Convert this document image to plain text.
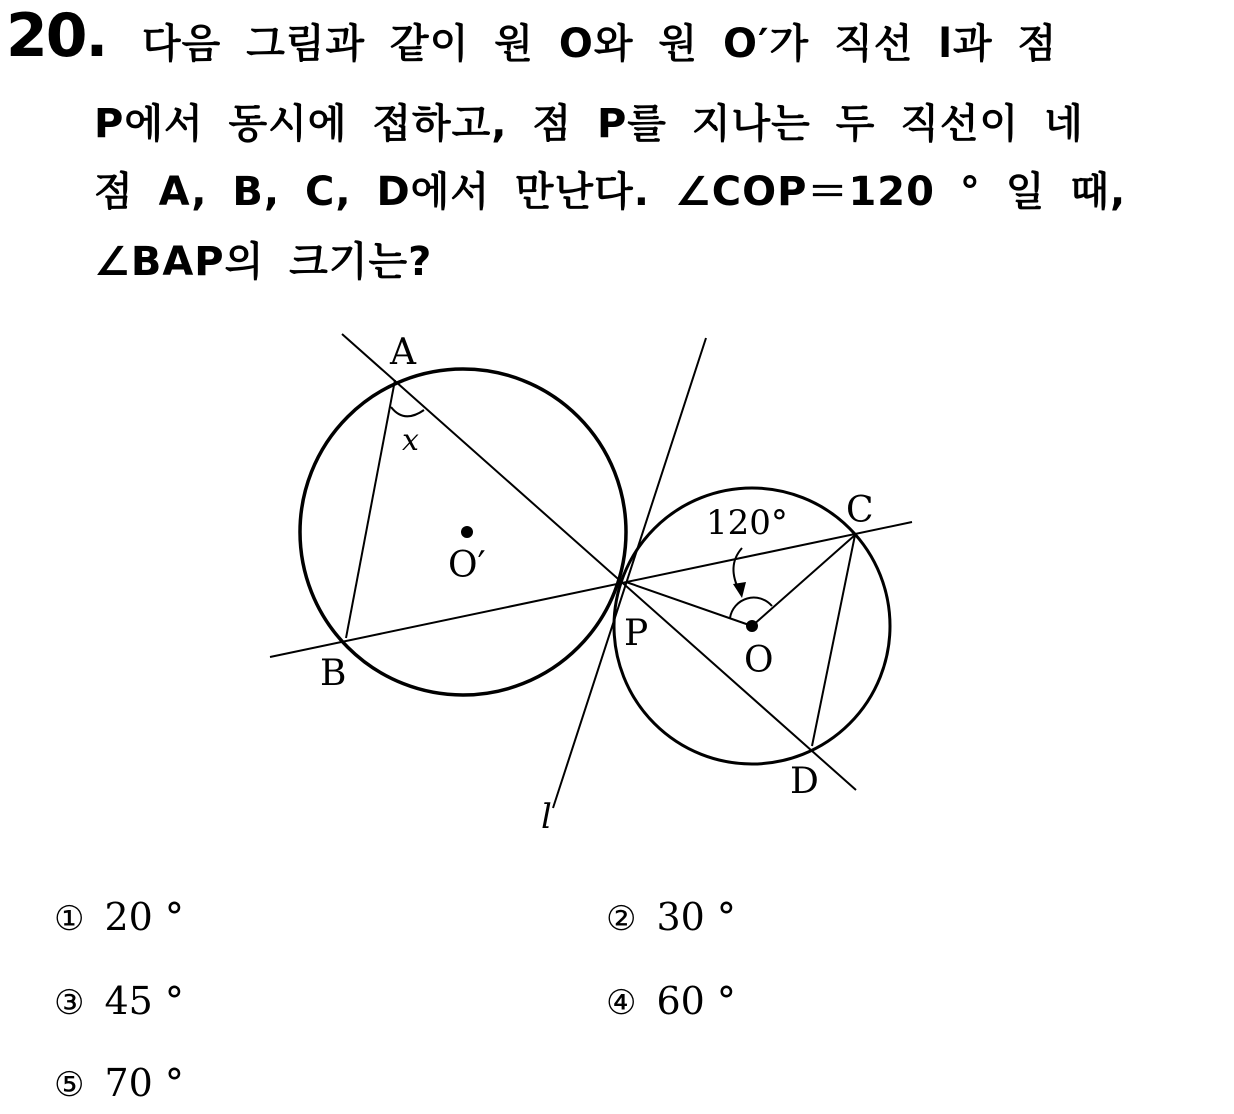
20. 다음 그림과 같이 원 O와 원 O′가 직선 l과 점
P에서 동시에 접하고, 점 P를 지나는 두 직선이 네
점 A, B, C, D에서 만난다. ∠COP＝120 ° 일 때,
∠BAP의 크기는?
A
B
C
D
P
O
O′
x
l
120°
① 20 °	② 30 °
③ 45 °	④ 60 °
⑤ 70 °
